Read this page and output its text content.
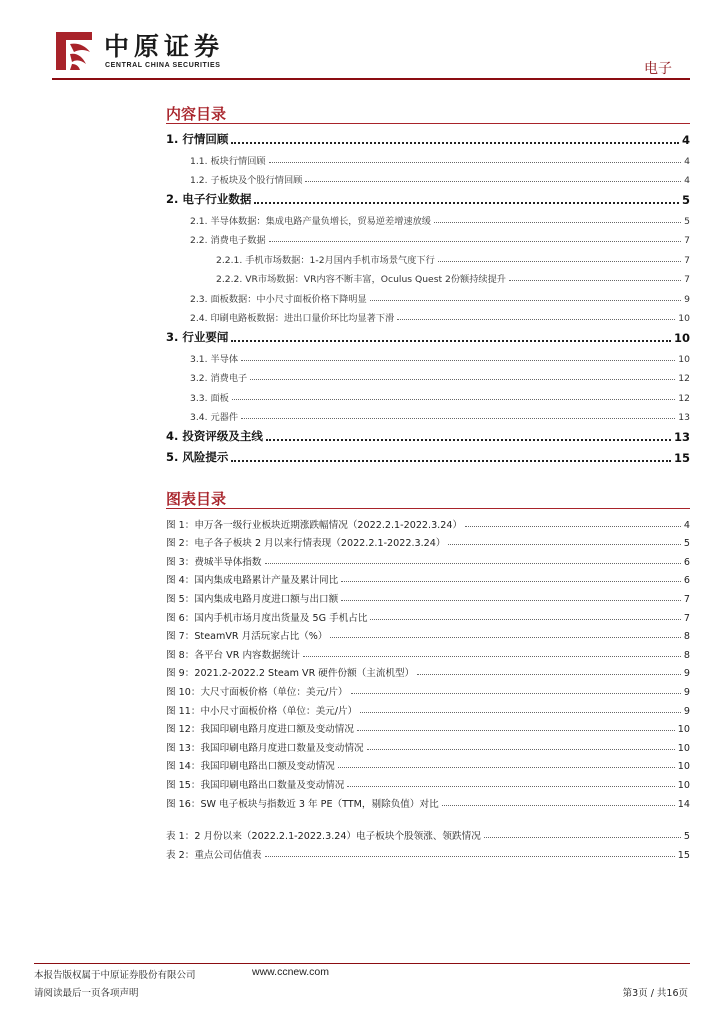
中原证券
CENTRAL CHINA SECURITIES	电子
内容目录
1. 行情回顾	4
1.1. 板块行情回顾	4
1.2. 子板块及个股行情回顾	4
2. 电子行业数据	5
2.1. 半导体数据：集成电路产量负增长，贸易逆差增速放缓	5
2.2. 消费电子数据	7
2.2.1. 手机市场数据：1-2月国内手机市场景气度下行	7
2.2.2. VR市场数据：VR内容不断丰富，Oculus Quest 2份额持续提升	7
2.3. 面板数据：中小尺寸面板价格下降明显	9
2.4. 印刷电路板数据：进出口量价环比均显著下滑	10
3. 行业要闻	10
3.1. 半导体	10
3.2. 消费电子	12
3.3. 面板	12
3.4. 元器件	13
4. 投资评级及主线	13
5. 风险提示	15
图表目录
图 1：申万各一级行业板块近期涨跌幅情况（2022.2.1-2022.3.24）	4
图 2：电子各子板块 2 月以来行情表现（2022.2.1-2022.3.24）	5
图 3：费城半导体指数	6
图 4：国内集成电路累计产量及累计同比	6
图 5：国内集成电路月度进口额与出口额	7
图 6：国内手机市场月度出货量及 5G 手机占比	7
图 7：SteamVR 月活玩家占比（%）	8
图 8：各平台 VR 内容数据统计	8
图 9：2021.2-2022.2 Steam VR 硬件份额（主流机型）	9
图 10：大尺寸面板价格（单位：美元/片）	9
图 11：中小尺寸面板价格（单位：美元/片）	9
图 12：我国印刷电路月度进口额及变动情况	10
图 13：我国印刷电路月度进口数量及变动情况	10
图 14：我国印刷电路出口额及变动情况	10
图 15：我国印刷电路出口数量及变动情况	10
图 16：SW 电子板块与指数近 3 年 PE（TTM，剔除负值）对比	14
表 1：2 月份以来（2022.2.1-2022.3.24）电子板块个股领涨、领跌情况	5
表 2：重点公司估值表	15
本报告版权属于中原证券股份有限公司	www.ccnew.com
请阅读最后一页各项声明	第3页 / 共16页
